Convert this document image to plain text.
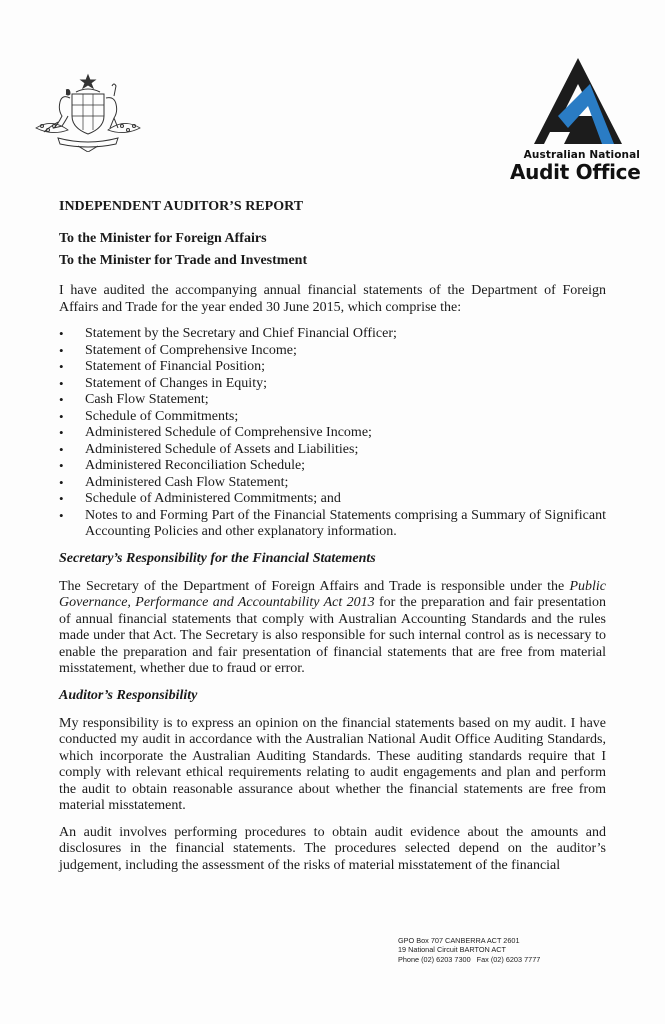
Australian National
Audit Office
INDEPENDENT AUDITOR’S REPORT
To the Minister for Foreign Affairs
To the Minister for Trade and Investment

I have audited the accompanying annual financial statements of the Department of Foreign Affairs and Trade for the year ended 30 June 2015, which comprise the:

• Statement by the Secretary and Chief Financial Officer;
• Statement of Comprehensive Income;
• Statement of Financial Position;
• Statement of Changes in Equity;
• Cash Flow Statement;
• Schedule of Commitments;
• Administered Schedule of Comprehensive Income;
• Administered Schedule of Assets and Liabilities;
• Administered Reconciliation Schedule;
• Administered Cash Flow Statement;
• Schedule of Administered Commitments; and
• Notes to and Forming Part of the Financial Statements comprising a Summary of Significant Accounting Policies and other explanatory information.
Secretary’s Responsibility for the Financial Statements

The Secretary of the Department of Foreign Affairs and Trade is responsible under the Public Governance, Performance and Accountability Act 2013 for the preparation and fair presentation of annual financial statements that comply with Australian Accounting Standards and the rules made under that Act. The Secretary is also responsible for such internal control as is necessary to enable the preparation and fair presentation of financial statements that are free from material misstatement, whether due to fraud or error.

Auditor’s Responsibility

My responsibility is to express an opinion on the financial statements based on my audit. I have conducted my audit in accordance with the Australian National Audit Office Auditing Standards, which incorporate the Australian Auditing Standards. These auditing standards require that I comply with relevant ethical requirements relating to audit engagements and plan and perform the audit to obtain reasonable assurance about whether the financial statements are free from material misstatement.

An audit involves performing procedures to obtain audit evidence about the amounts and disclosures in the financial statements. The procedures selected depend on the auditor’s judgement, including the assessment of the risks of material misstatement of the financial

GPO Box 707 CANBERRA ACT 2601
19 National Circuit BARTON ACT
Phone (02) 6203 7300 Fax (02) 6203 7777
